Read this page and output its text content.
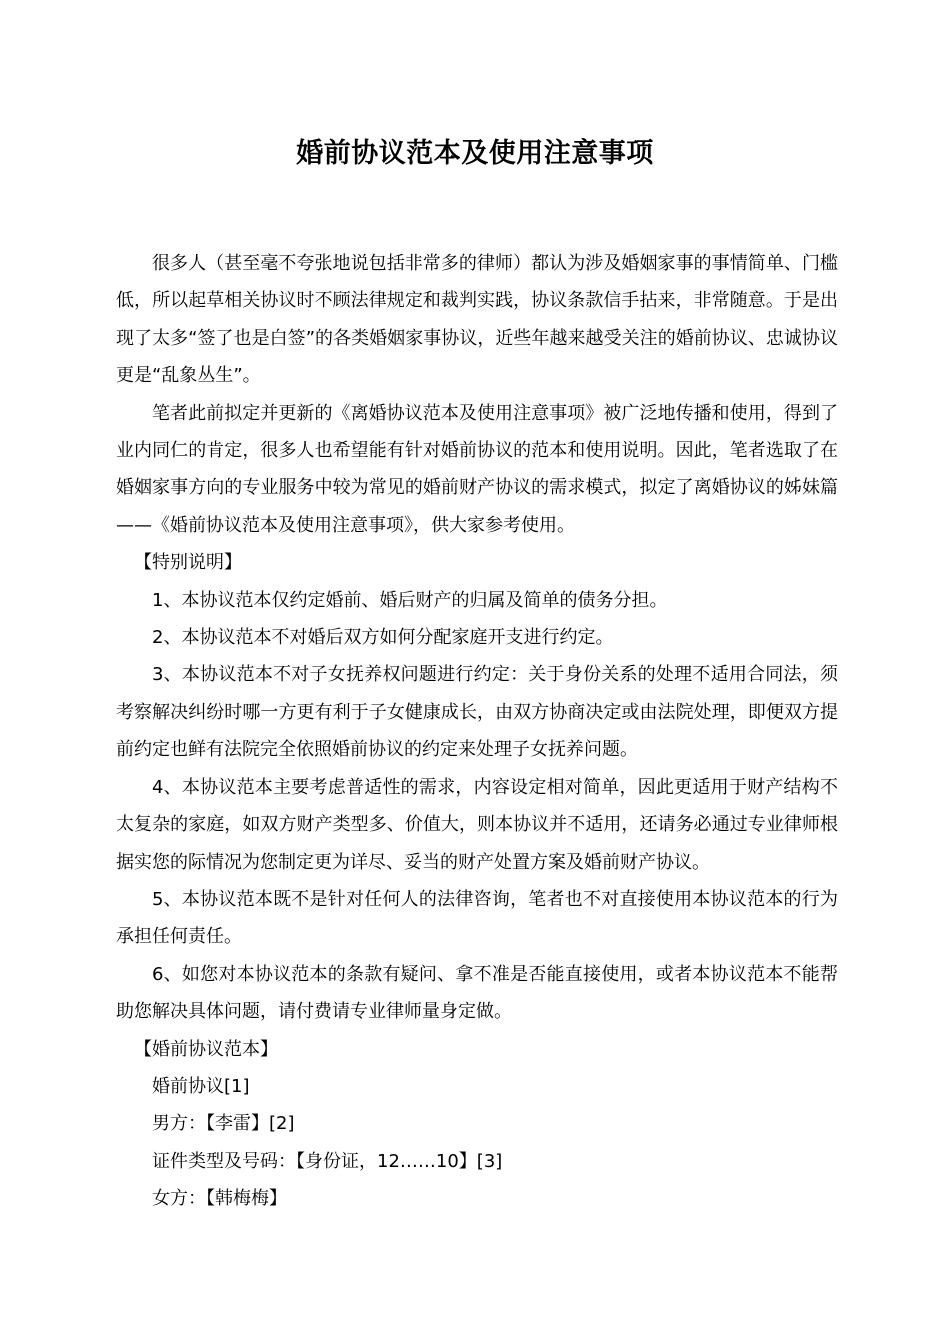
婚前协议范本及使用注意事项

很多人（甚至毫不夸张地说包括非常多的律师）都认为涉及婚姻家事的事情简单、门槛低，所以起草相关协议时不顾法律规定和裁判实践，协议条款信手拈来，非常随意。于是出现了太多“签了也是白签”的各类婚姻家事协议，近些年越来越受关注的婚前协议、忠诚协议更是“乱象丛生”。

笔者此前拟定并更新的《离婚协议范本及使用注意事项》被广泛地传播和使用，得到了业内同仁的肯定，很多人也希望能有针对婚前协议的范本和使用说明。因此，笔者选取了在婚姻家事方向的专业服务中较为常见的婚前财产协议的需求模式，拟定了离婚协议的姊妹篇——《婚前协议范本及使用注意事项》，供大家参考使用。

【特别说明】

1、本协议范本仅约定婚前、婚后财产的归属及简单的债务分担。

2、本协议范本不对婚后双方如何分配家庭开支进行约定。

3、本协议范本不对子女抚养权问题进行约定：关于身份关系的处理不适用合同法，须考察解决纠纷时哪一方更有利于子女健康成长，由双方协商决定或由法院处理，即便双方提前约定也鲜有法院完全依照婚前协议的约定来处理子女抚养问题。

4、本协议范本主要考虑普适性的需求，内容设定相对简单，因此更适用于财产结构不太复杂的家庭，如双方财产类型多、价值大，则本协议并不适用，还请务必通过专业律师根据实您的际情况为您制定更为详尽、妥当的财产处置方案及婚前财产协议。

5、本协议范本既不是针对任何人的法律咨询，笔者也不对直接使用本协议范本的行为承担任何责任。

6、如您对本协议范本的条款有疑问、拿不准是否能直接使用，或者本协议范本不能帮助您解决具体问题，请付费请专业律师量身定做。

【婚前协议范本】

婚前协议[1]

男方：【李雷】[2]

证件类型及号码：【身份证，12……10】[3]

女方：【韩梅梅】
